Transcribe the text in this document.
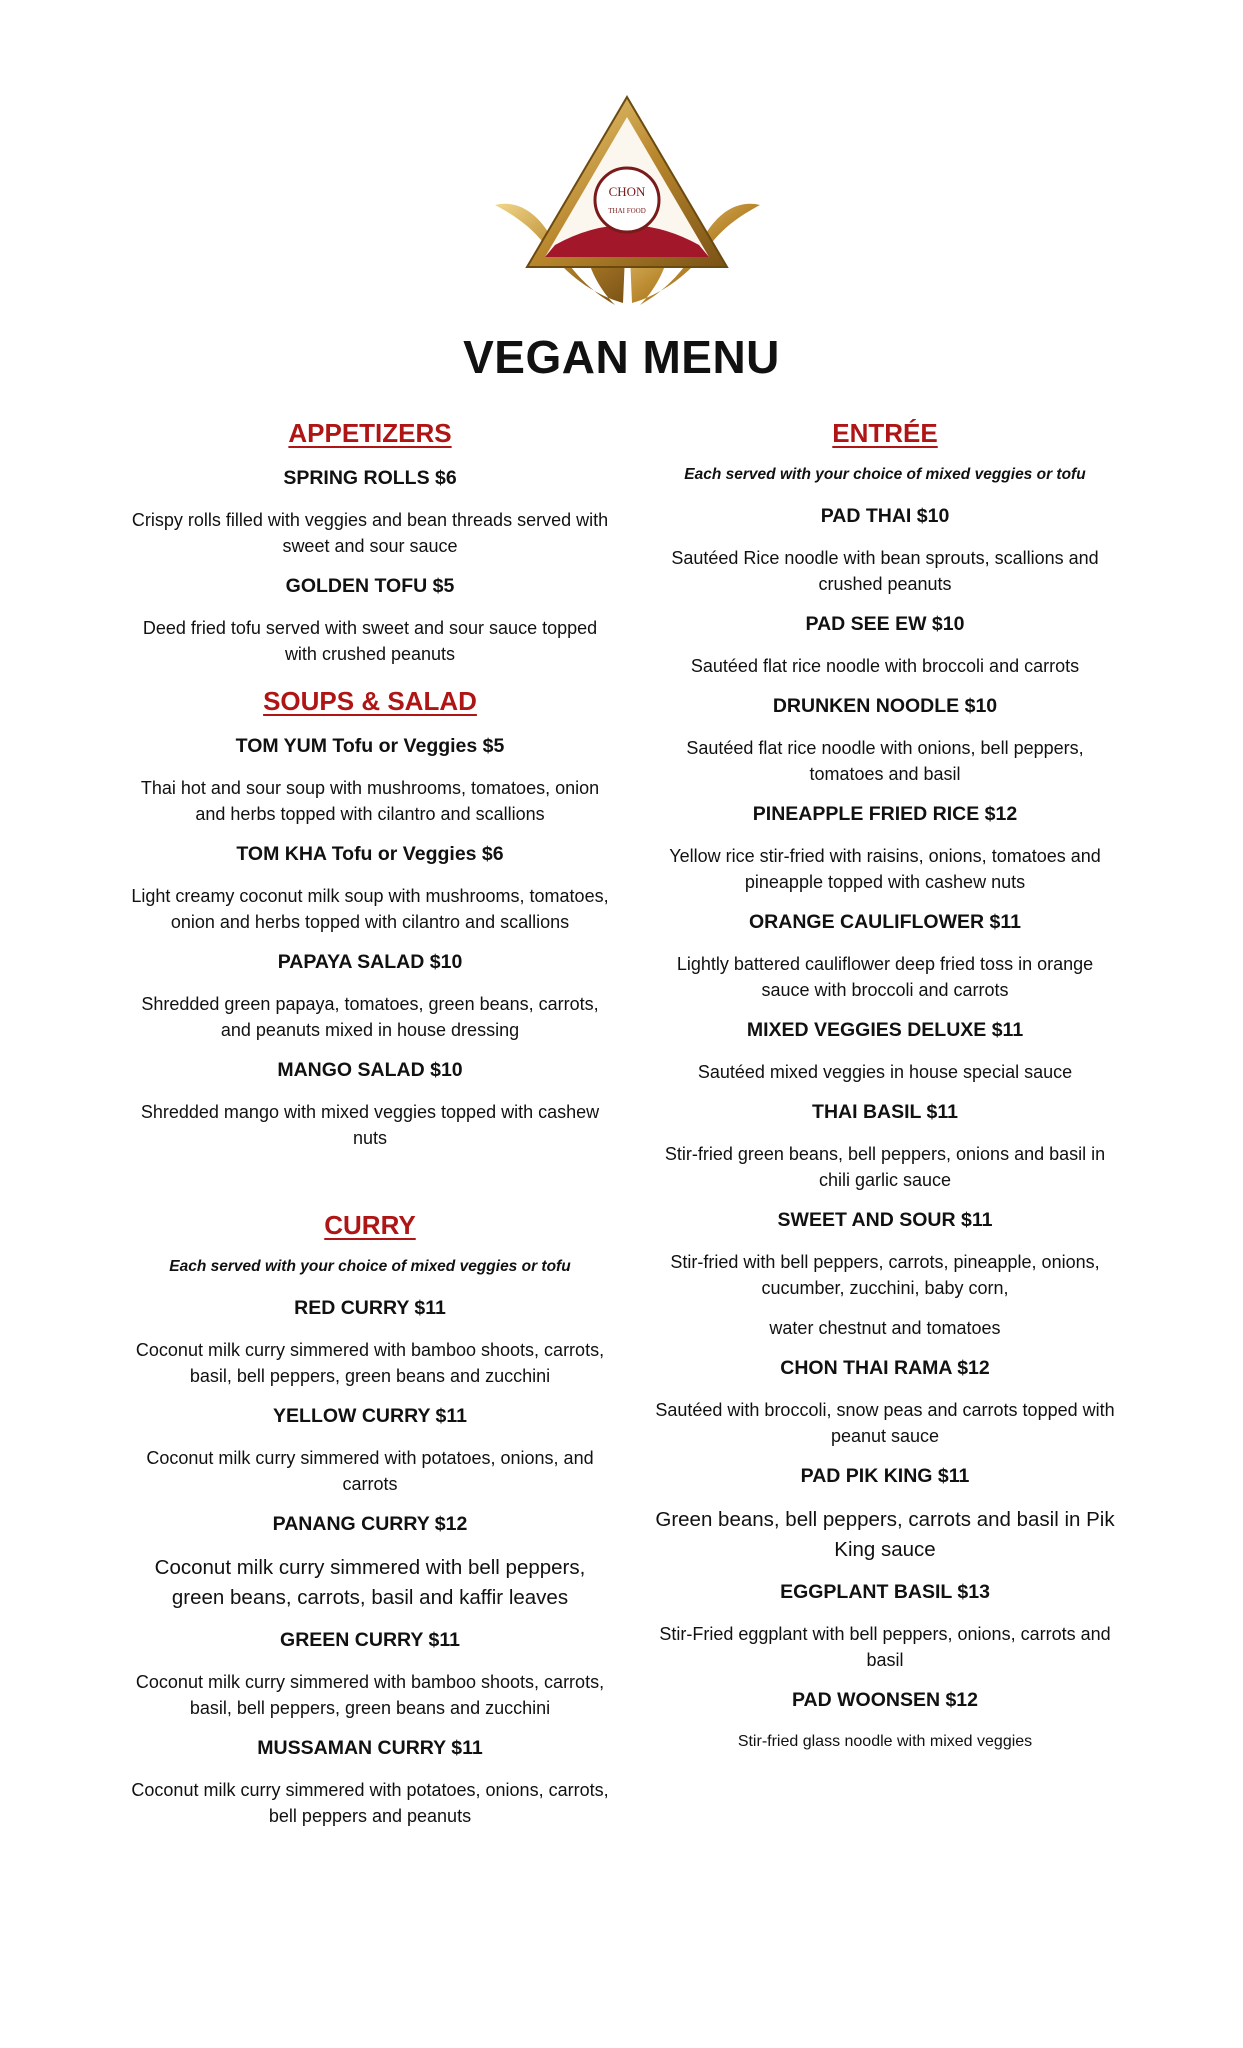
CHON
THAI FOOD
VEGAN MENU

APPETIZERS

SPRING ROLLS $6

Crispy rolls filled with veggies and bean threads served with sweet and sour sauce

GOLDEN TOFU $5

Deed fried tofu served with sweet and sour sauce topped with crushed peanuts

SOUPS & SALAD

TOM YUM Tofu or Veggies $5

Thai hot and sour soup with mushrooms, tomatoes, onion and herbs topped with cilantro and scallions

TOM KHA Tofu or Veggies $6

Light creamy coconut milk soup with mushrooms, tomatoes, onion and herbs topped with cilantro and scallions

PAPAYA SALAD $10

Shredded green papaya, tomatoes, green beans, carrots, and peanuts mixed in house dressing

MANGO SALAD $10

Shredded mango with mixed veggies topped with cashew nuts

CURRY

Each served with your choice of mixed veggies or tofu

RED CURRY $11

Coconut milk curry simmered with bamboo shoots, carrots, basil, bell peppers, green beans and zucchini

YELLOW CURRY $11

Coconut milk curry simmered with potatoes, onions, and carrots

PANANG CURRY $12

Coconut milk curry simmered with bell peppers, green beans, carrots, basil and kaffir leaves

GREEN CURRY $11

Coconut milk curry simmered with bamboo shoots, carrots, basil, bell peppers, green beans and zucchini

MUSSAMAN CURRY $11

Coconut milk curry simmered with potatoes, onions, carrots, bell peppers and peanuts

ENTRÉE

Each served with your choice of mixed veggies or tofu

PAD THAI $10

Sautéed Rice noodle with bean sprouts, scallions and crushed peanuts

PAD SEE EW $10

Sautéed flat rice noodle with broccoli and carrots

DRUNKEN NOODLE $10

Sautéed flat rice noodle with onions, bell peppers, tomatoes and basil

PINEAPPLE FRIED RICE $12

Yellow rice stir-fried with raisins, onions, tomatoes and pineapple topped with cashew nuts

ORANGE CAULIFLOWER $11

Lightly battered cauliflower deep fried toss in orange sauce with broccoli and carrots

MIXED VEGGIES DELUXE $11

Sautéed mixed veggies in house special sauce

THAI BASIL $11

Stir-fried green beans, bell peppers, onions and basil in chili garlic sauce

SWEET AND SOUR $11

Stir-fried with bell peppers, carrots, pineapple, onions, cucumber, zucchini, baby corn,

water chestnut and tomatoes

CHON THAI RAMA $12

Sautéed with broccoli, snow peas and carrots topped with peanut sauce

PAD PIK KING $11

Green beans, bell peppers, carrots and basil in Pik King sauce

EGGPLANT BASIL $13

Stir-Fried eggplant with bell peppers, onions, carrots and basil

PAD WOONSEN $12

Stir-fried glass noodle with mixed veggies
